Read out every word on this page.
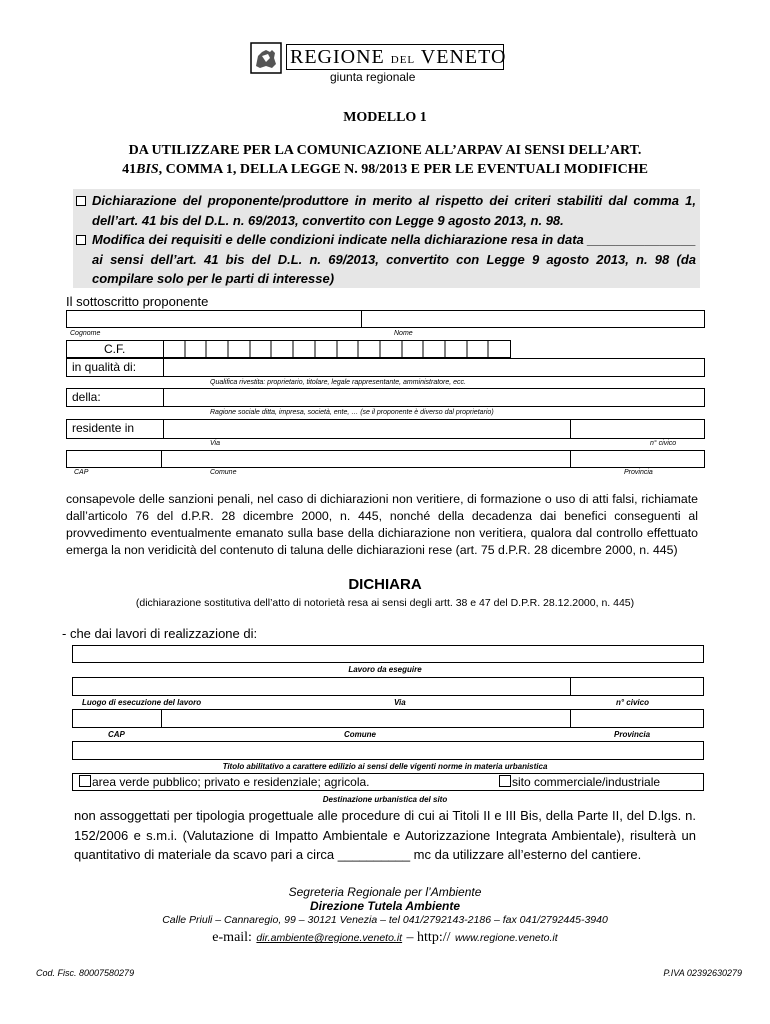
REGIONE DEL VENETO
giunta regionale
MODELLO 1
DA UTILIZZARE PER LA COMUNICAZIONE ALL’ARPAV AI SENSI DELL’ART.
41BIS, COMMA 1, DELLA LEGGE N. 98/2013 E PER LE EVENTUALI MODIFICHE
Dichiarazione del proponente/produttore in merito al rispetto dei criteri stabiliti dal comma 1, dell’art. 41 bis del D.L. n. 69/2013, convertito con Legge 9 agosto 2013, n. 98.
Modifica dei requisiti e delle condizioni indicate nella dichiarazione resa in data _______________ ai sensi dell’art. 41 bis del D.L. n. 69/2013, convertito con Legge 9 agosto 2013, n. 98 (da compilare solo per le parti di interesse)
Il sottoscritto proponente
Cognome	Nome
C.F.
in qualità di:
Qualifica rivestita: proprietario, titolare, legale rappresentante, amministratore, ecc.
della:
Ragione sociale ditta, impresa, società, ente, … (se il proponente è diverso dal proprietario)
residente in
Via	n° civico
CAP	Comune	Provincia
consapevole delle sanzioni penali, nel caso di dichiarazioni non veritiere, di formazione o uso di atti falsi, richiamate dall’articolo 76 del d.P.R. 28 dicembre 2000, n. 445, nonché della decadenza dai benefici conseguenti al provvedimento eventualmente emanato sulla base della dichiarazione non veritiera, qualora dal controllo effettuato emerga la non veridicità del contenuto di taluna delle dichiarazioni rese (art. 75 d.P.R. 28 dicembre 2000, n. 445)
DICHIARA
(dichiarazione sostitutiva dell’atto di notorietà resa ai sensi degli artt. 38 e 47 del D.P.R. 28.12.2000, n. 445)
- che dai lavori di realizzazione di:
Lavoro da eseguire
Luogo di esecuzione del lavoro	Via	n° civico
CAP	Comune	Provincia
Titolo abilitativo a carattere edilizio ai sensi delle vigenti norme in materia urbanistica
area verde pubblico; privato e residenziale; agricola.	sito commerciale/industriale
Destinazione urbanistica del sito
non assoggettati per tipologia progettuale alle procedure di cui ai Titoli II e III Bis, della Parte II, del D.lgs. n. 152/2006 e s.m.i. (Valutazione di Impatto Ambientale e Autorizzazione Integrata Ambientale), risulterà un quantitativo di materiale da scavo pari a circa __________ mc da utilizzare all’esterno del cantiere.
Segreteria Regionale per l’Ambiente
Direzione Tutela Ambiente
Calle Priuli – Cannaregio, 99 – 30121 Venezia – tel 041/2792143-2186 – fax 041/2792445-3940
e-mail: dir.ambiente@regione.veneto.it – http:// www.regione.veneto.it
Cod. Fisc. 80007580279	P.IVA 02392630279
